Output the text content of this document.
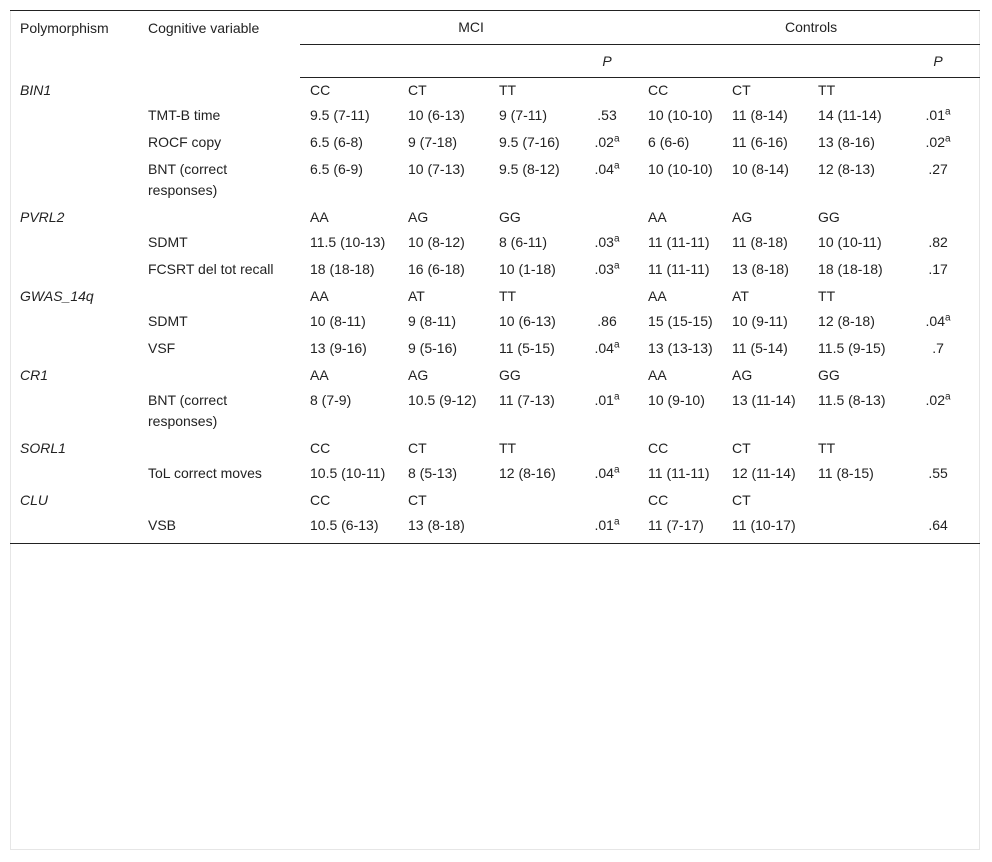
Polymorphism	Cognitive variable	MCI				Controls			
					P				P
BIN1		CC	CT	TT		CC	CT	TT	
	TMT-B time	9.5 (7-11)	10 (6-13)	9 (7-11)	.53	10 (10-10)	11 (8-14)	14 (11-14)	.01$^a$
	ROCF copy	6.5 (6-8)	9 (7-18)	9.5 (7-16)	.02$^a$	6 (6-6)	11 (6-16)	13 (8-16)	.02$^a$
	BNT (correct responses)	6.5 (6-9)	10 (7-13)	9.5 (8-12)	.04$^a$	10 (10-10)	10 (8-14)	12 (8-13)	.27
PVRL2		AA	AG	GG		AA	AG	GG	
	SDMT	11.5 (10-13)	10 (8-12)	8 (6-11)	.03$^a$	11 (11-11)	11 (8-18)	10 (10-11)	.82
	FCSRT del tot recall	18 (18-18)	16 (6-18)	10 (1-18)	.03$^a$	11 (11-11)	13 (8-18)	18 (18-18)	.17
GWAS_14q		AA	AT	TT		AA	AT	TT	
	SDMT	10 (8-11)	9 (8-11)	10 (6-13)	.86	15 (15-15)	10 (9-11)	12 (8-18)	.04$^a$
	VSF	13 (9-16)	9 (5-16)	11 (5-15)	.04$^a$	13 (13-13)	11 (5-14)	11.5 (9-15)	.7
CR1		AA	AG	GG		AA	AG	GG	
	BNT (correct responses)	8 (7-9)	10.5 (9-12)	11 (7-13)	.01$^a$	10 (9-10)	13 (11-14)	11.5 (8-13)	.02$^a$
SORL1		CC	CT	TT		CC	CT	TT	
	ToL correct moves	10.5 (10-11)	8 (5-13)	12 (8-16)	.04$^a$	11 (11-11)	12 (11-14)	11 (8-15)	.55
CLU		CC	CT			CC	CT		
	VSB	10.5 (6-13)	13 (8-18)		.01$^a$	11 (7-17)	11 (10-17)		.64
